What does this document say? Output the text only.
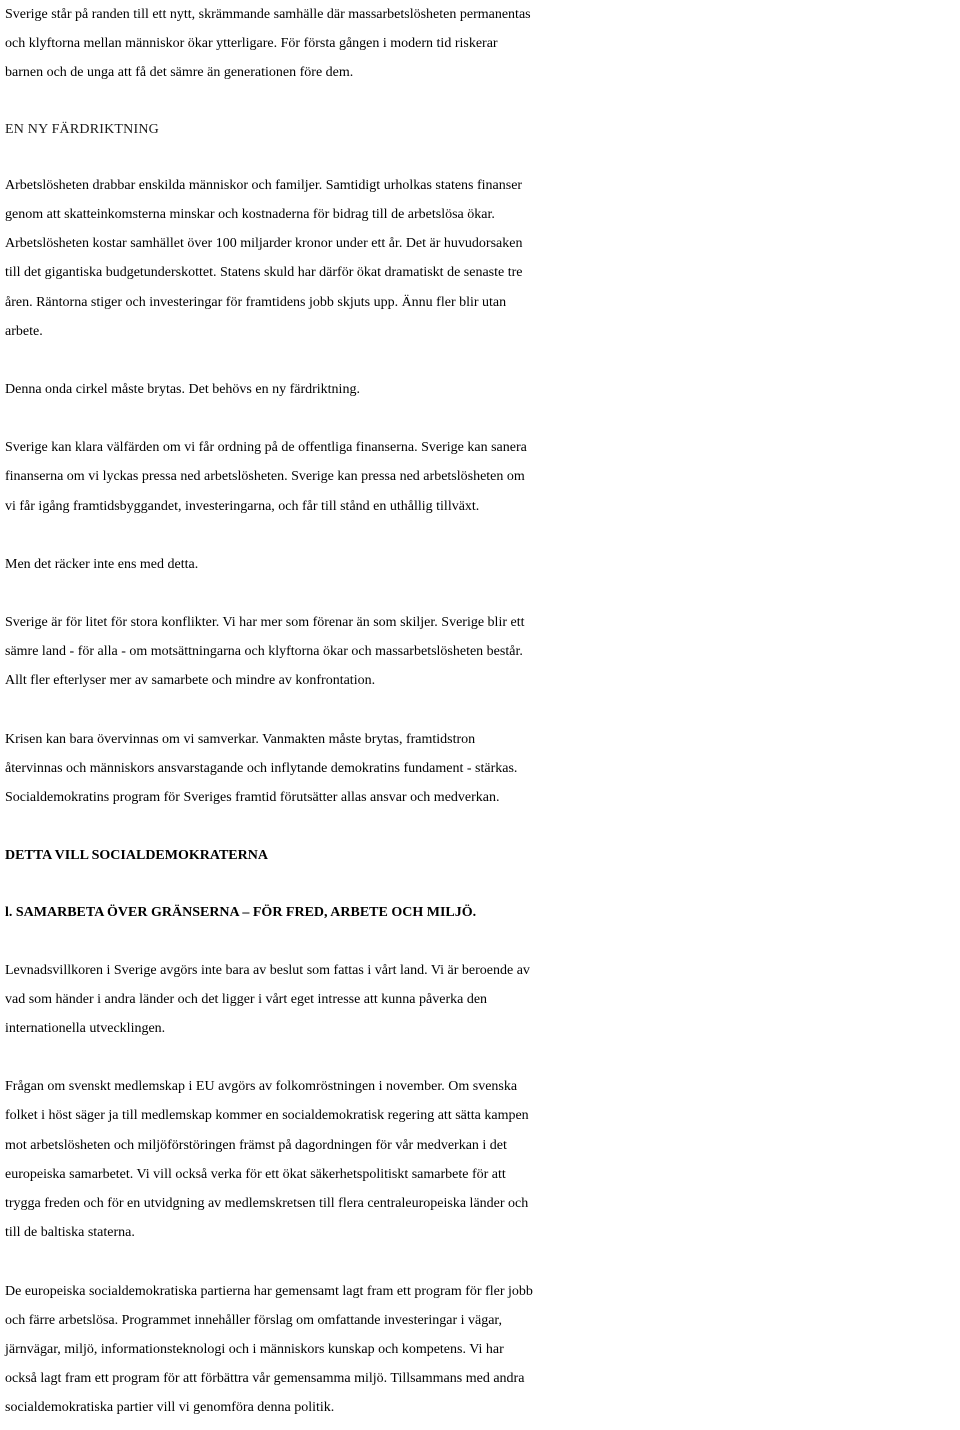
Sverige står på randen till ett nytt, skrämmande samhälle där massarbetslösheten permanentas
och klyftorna mellan människor ökar ytterligare. För första gången i modern tid riskerar
barnen och de unga att få det sämre än generationen före dem.

EN NY FÄRDRIKTNING

Arbetslösheten drabbar enskilda människor och familjer. Samtidigt urholkas statens finanser
genom att skatteinkomsterna minskar och kostnaderna för bidrag till de arbetslösa ökar.
Arbetslösheten kostar samhället över 100 miljarder kronor under ett år. Det är huvudorsaken
till det gigantiska budgetunderskottet. Statens skuld har därför ökat dramatiskt de senaste tre
åren. Räntorna stiger och investeringar för framtidens jobb skjuts upp. Ännu fler blir utan
arbete.

Denna onda cirkel måste brytas. Det behövs en ny färdriktning.

Sverige kan klara välfärden om vi får ordning på de offentliga finanserna. Sverige kan sanera
finanserna om vi lyckas pressa ned arbetslösheten. Sverige kan pressa ned arbetslösheten om
vi får igång framtidsbyggandet, investeringarna, och får till stånd en uthållig tillväxt.

Men det räcker inte ens med detta.

Sverige är för litet för stora konflikter. Vi har mer som förenar än som skiljer. Sverige blir ett
sämre land - för alla - om motsättningarna och klyftorna ökar och massarbetslösheten består.
Allt fler efterlyser mer av samarbete och mindre av konfrontation.

Krisen kan bara övervinnas om vi samverkar. Vanmakten måste brytas, framtidstron
återvinnas och människors ansvarstagande och inflytande demokratins fundament - stärkas.
Socialdemokratins program för Sveriges framtid förutsätter allas ansvar och medverkan.

DETTA VILL SOCIALDEMOKRATERNA

l. SAMARBETA ÖVER GRÄNSERNA – FÖR FRED, ARBETE OCH MILJÖ.

Levnadsvillkoren i Sverige avgörs inte bara av beslut som fattas i vårt land. Vi är beroende av
vad som händer i andra länder och det ligger i vårt eget intresse att kunna påverka den
internationella utvecklingen.

Frågan om svenskt medlemskap i EU avgörs av folkomröstningen i november. Om svenska
folket i höst säger ja till medlemskap kommer en socialdemokratisk regering att sätta kampen
mot arbetslösheten och miljöförstöringen främst på dagordningen för vår medverkan i det
europeiska samarbetet. Vi vill också verka för ett ökat säkerhetspolitiskt samarbete för att
trygga freden och för en utvidgning av medlemskretsen till flera centraleuropeiska länder och
till de baltiska staterna.

De europeiska socialdemokratiska partierna har gemensamt lagt fram ett program för fler jobb
och färre arbetslösa. Programmet innehåller förslag om omfattande investeringar i vägar,
järnvägar, miljö, informationsteknologi och i människors kunskap och kompetens. Vi har
också lagt fram ett program för att förbättra vår gemensamma miljö. Tillsammans med andra
socialdemokratiska partier vill vi genomföra denna politik.
